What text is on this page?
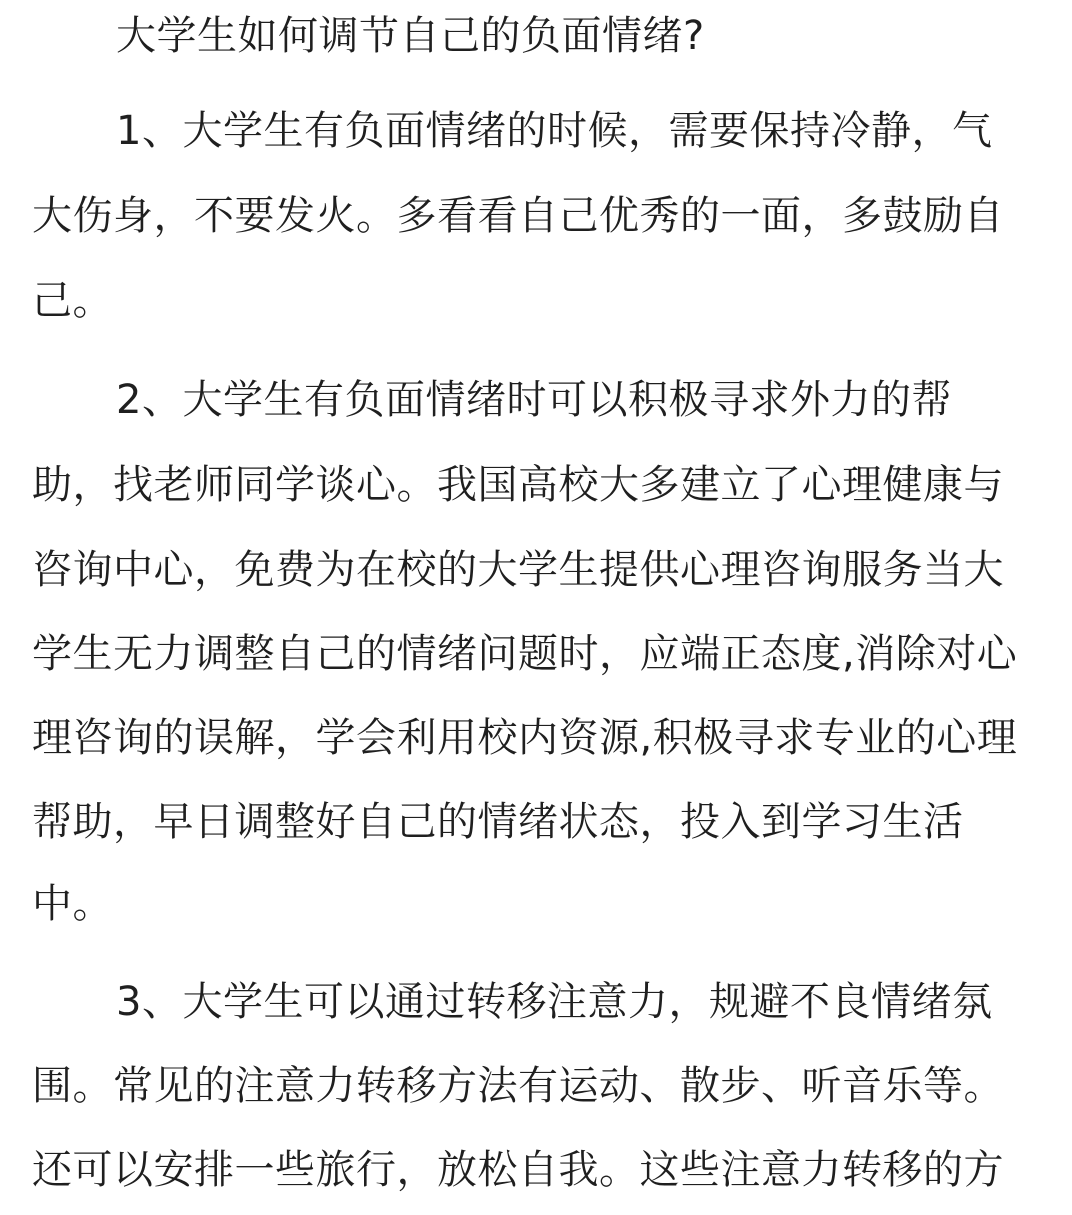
大学生如何调节自己的负面情绪?
1、大学生有负面情绪的时候，需要保持冷静，气
大伤身，不要发火。多看看自己优秀的一面，多鼓励自
己。
2、大学生有负面情绪时可以积极寻求外力的帮
助，找老师同学谈心。我国高校大多建立了心理健康与
咨询中心，免费为在校的大学生提供心理咨询服务当大
学生无力调整自己的情绪问题时，应端正态度,消除对心
理咨询的误解，学会利用校内资源,积极寻求专业的心理
帮助，早日调整好自己的情绪状态，投入到学习生活
中。
3、大学生可以通过转移注意力，规避不良情绪氛
围。常见的注意力转移方法有运动、散步、听音乐等。
还可以安排一些旅行，放松自我。这些注意力转移的方
